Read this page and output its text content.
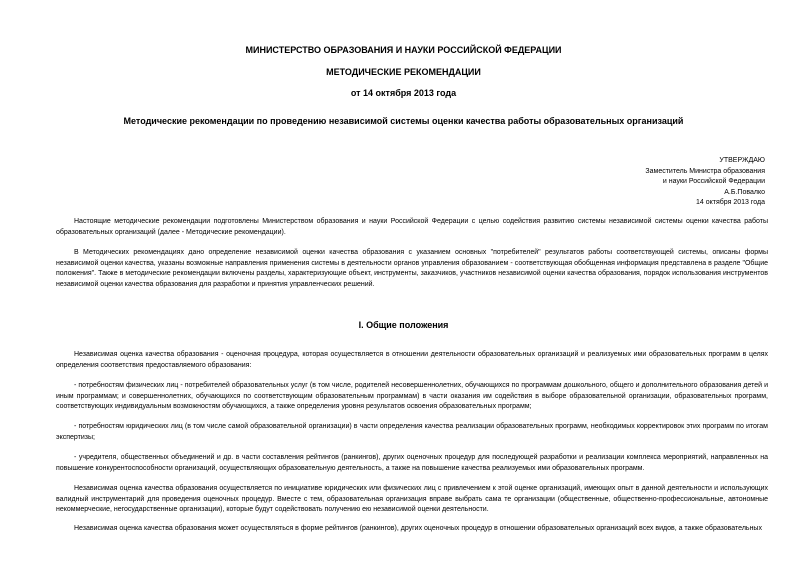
МИНИСТЕРСТВО ОБРАЗОВАНИЯ И НАУКИ РОССИЙСКОЙ ФЕДЕРАЦИИ
МЕТОДИЧЕСКИЕ РЕКОМЕНДАЦИИ
от 14 октября 2013 года
Методические рекомендации по проведению независимой системы оценки качества работы образовательных организаций
УТВЕРЖДАЮ
Заместитель Министра образования
и науки Российской Федерации
А.Б.Повалко
14 октября 2013 года

Настоящие методические рекомендации подготовлены Министерством образования и науки Российской Федерации с целью содействия развитию системы независимой системы оценки качества работы образовательных организаций (далее - Методические рекомендации).

В Методических рекомендациях дано определение независимой оценки качества образования с указанием основных "потребителей" результатов работы соответствующей системы, описаны формы независимой оценки качества, указаны возможные направления применения системы в деятельности органов управления образованием - соответствующая обобщенная информация представлена в разделе "Общие положения". Также в методические рекомендации включены разделы, характеризующие объект, инструменты, заказчиков, участников независимой оценки качества образования, порядок использования инструментов независимой оценки качества образования для разработки и принятия управленческих решений.

I. Общие положения

Независимая оценка качества образования - оценочная процедура, которая осуществляется в отношении деятельности образовательных организаций и реализуемых ими образовательных программ в целях определения соответствия предоставляемого образования:

- потребностям физических лиц - потребителей образовательных услуг (в том числе, родителей несовершеннолетних, обучающихся по программам дошкольного, общего и дополнительного образования детей и иным программам; и совершеннолетних, обучающихся по соответствующим образовательным программам) в части оказания им содействия в выборе образовательной организации, образовательных программ, соответствующих индивидуальным возможностям обучающихся, а также определения уровня результатов освоения образовательных программ;

- потребностям юридических лиц (в том числе самой образовательной организации) в части определения качества реализации образовательных программ, необходимых корректировок этих программ по итогам экспертизы;

- учредителя, общественных объединений и др. в части составления рейтингов (ранкингов), других оценочных процедур для последующей разработки и реализации комплекса мероприятий, направленных на повышение конкурентоспособности организаций, осуществляющих образовательную деятельность, а также на повышение качества реализуемых ими образовательных программ.

Независимая оценка качества образования осуществляется по инициативе юридических или физических лиц с привлечением к этой оценке организаций, имеющих опыт в данной деятельности и использующих валидный инструментарий для проведения оценочных процедур. Вместе с тем, образовательная организация вправе выбрать сама те организации (общественные, общественно-профессиональные, автономные некоммерческие, негосударственные организации), которые будут содействовать получению ею независимой оценки деятельности.

Независимая оценка качества образования может осуществляться в форме рейтингов (ранкингов), других оценочных процедур в отношении образовательных организаций всех видов, а также образовательных
